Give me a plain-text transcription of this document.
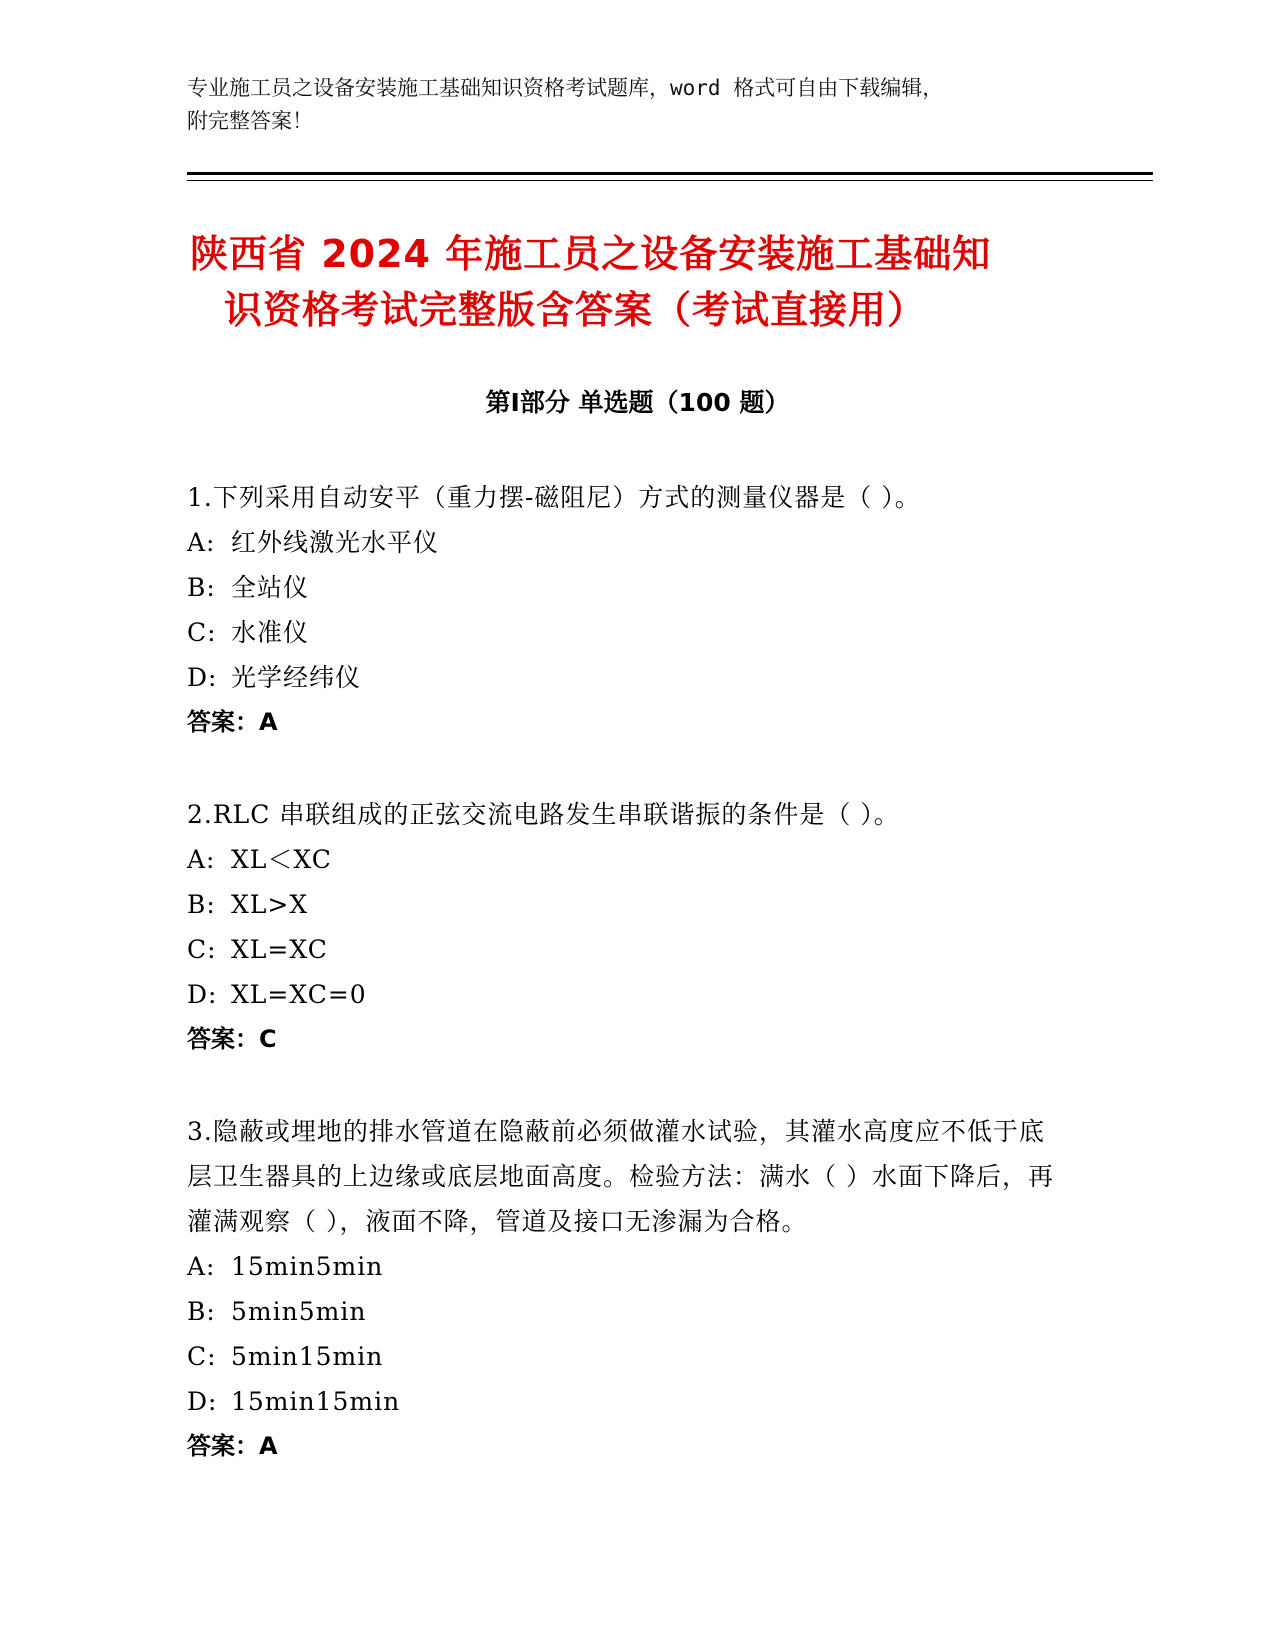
专业施工员之设备安装施工基础知识资格考试题库，word 格式可自由下载编辑，
附完整答案！
陕西省 2024 年施工员之设备安装施工基础知
识资格考试完整版含答案（考试直接用）
第Ⅰ部分 单选题（100 题）
1.下列采用自动安平（重力摆-磁阻尼）方式的测量仪器是（ ）。
A: 红外线激光水平仪
B: 全站仪
C: 水准仪
D: 光学经纬仪
答案：A
2.RLC 串联组成的正弦交流电路发生串联谐振的条件是（ ）。
A: XL＜XC
B: XL>X
C: XL=XC
D: XL=XC=0
答案：C
3.隐蔽或埋地的排水管道在隐蔽前必须做灌水试验，其灌水高度应不低于底层卫生器具的上边缘或底层地面高度。检验方法：满水（ ）水面下降后，再灌满观察（ ），液面不降，管道及接口无渗漏为合格。
A: 15min5min
B: 5min5min
C: 5min15min
D: 15min15min
答案：A
